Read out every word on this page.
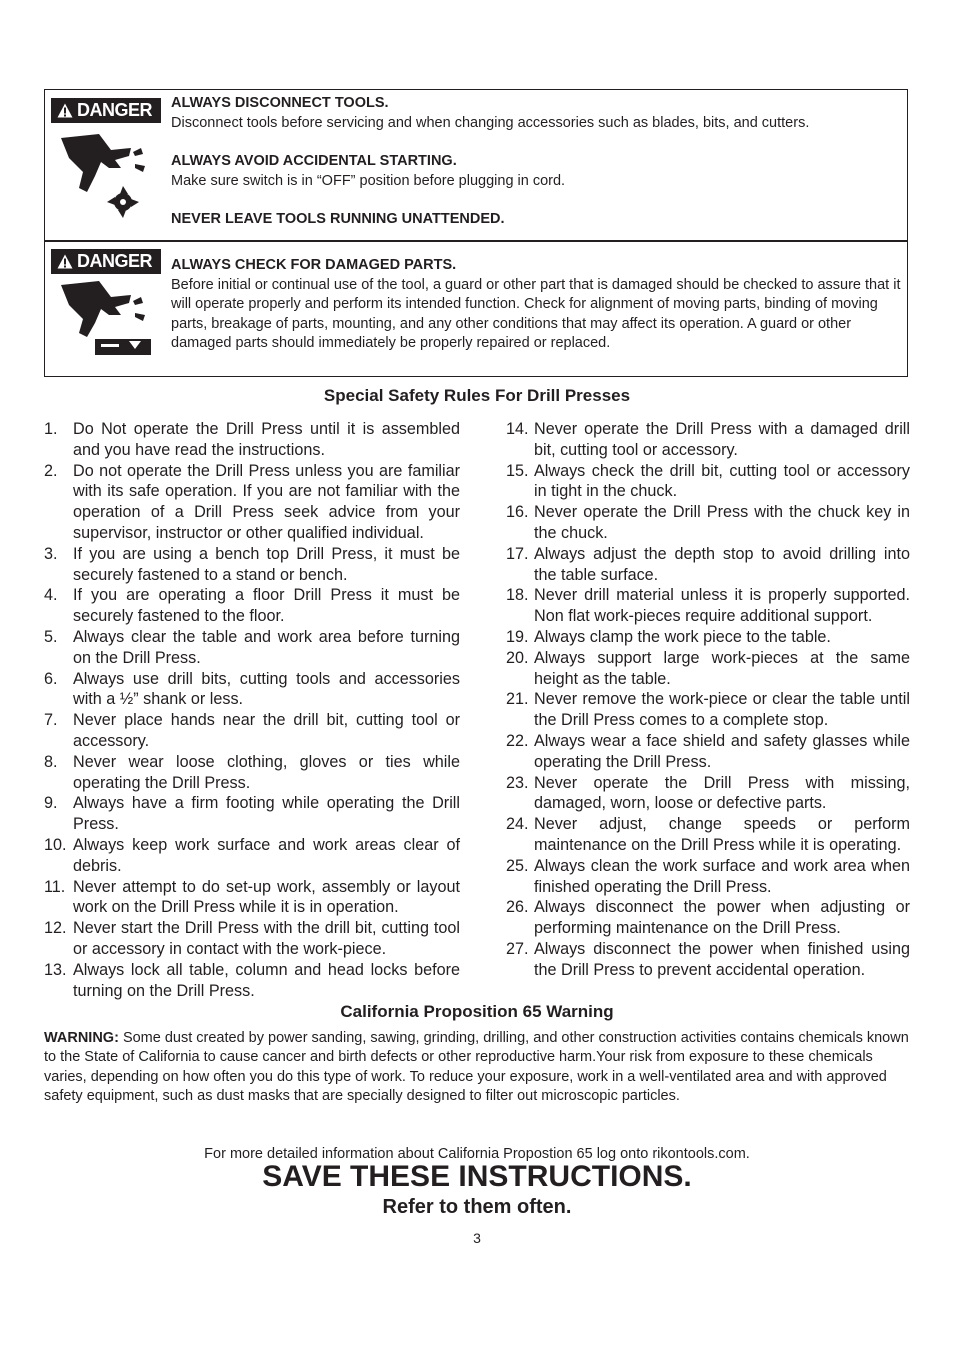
DANGER ALWAYS DISCONNECT TOOLS.

Disconnect tools before servicing and when changing accessories such as blades, bits, and cutters.

ALWAYS AVOID ACCIDENTAL STARTING.

Make sure switch is in “OFF” position before plugging in cord.

NEVER LEAVE TOOLS RUNNING UNATTENDED.

DANGER ALWAYS CHECK FOR DAMAGED PARTS.

Before initial or continual use of the tool, a guard or other part that is damaged should be checked to assure that it will operate properly and perform its intended function. Check for alignment of moving parts, binding of moving parts, breakage of parts, mounting, and any other conditions that may affect its operation. A guard or other damaged parts should immediately be properly repaired or replaced.

Special Safety Rules For Drill Presses
1. Do Not operate the Drill Press until it is assembled and you have read the instructions.
2. Do not operate the Drill Press unless you are familiar with its safe operation. If you are not familiar with the operation of a Drill Press seek advice from your supervisor, instructor or other qualified individual.
3. If you are using a bench top Drill Press, it must be securely fastened to a stand or bench.
4. If you are operating a floor Drill Press it must be securely fastened to the floor.
5. Always clear the table and work area before turning on the Drill Press.
6. Always use drill bits, cutting tools and accessories with a ½” shank or less.
7. Never place hands near the drill bit, cutting tool or accessory.
8. Never wear loose clothing, gloves or ties while operating the Drill Press.
9. Always have a firm footing while operating the Drill Press.
10. Always keep work surface and work areas clear of debris.
11. Never attempt to do set-up work, assembly or layout work on the Drill Press while it is in operation.
12. Never start the Drill Press with the drill bit, cutting tool or accessory in contact with the work-piece.
13. Always lock all table, column and head locks before turning on the Drill Press.
14. Never operate the Drill Press with a damaged drill bit, cutting tool or accessory.
15. Always check the drill bit, cutting tool or accessory in tight in the chuck.
16. Never operate the Drill Press with the chuck key in the chuck.
17. Always adjust the depth stop to avoid drilling into the table surface.
18. Never drill material unless it is properly supported. Non flat work-pieces require additional support.
19. Always clamp the work piece to the table.
20. Always support large work-pieces at the same height as the table.
21. Never remove the work-piece or clear the table until the Drill Press comes to a complete stop.
22. Always wear a face shield and safety glasses while operating the Drill Press.
23. Never operate the Drill Press with missing, damaged, worn, loose or defective parts.
24. Never adjust, change speeds or perform maintenance on the Drill Press while it is operating.
25. Always clean the work surface and work area when finished operating the Drill Press.
26. Always disconnect the power when adjusting or performing maintenance on the Drill Press.
27. Always disconnect the power when finished using the Drill Press to prevent accidental operation.
California Proposition 65 Warning
WARNING: Some dust created by power sanding, sawing, grinding, drilling, and other construction activities contains chemicals known to the State of California to cause cancer and birth defects or other reproductive harm.Your risk from exposure to these chemicals varies, depending on how often you do this type of work. To reduce your exposure, work in a well-ventilated area and with approved safety equipment, such as dust masks that are specially designed to filter out microscopic particles.
For more detailed information about California Propostion 65 log onto rikontools.com.
SAVE THESE INSTRUCTIONS.
Refer to them often.
3
